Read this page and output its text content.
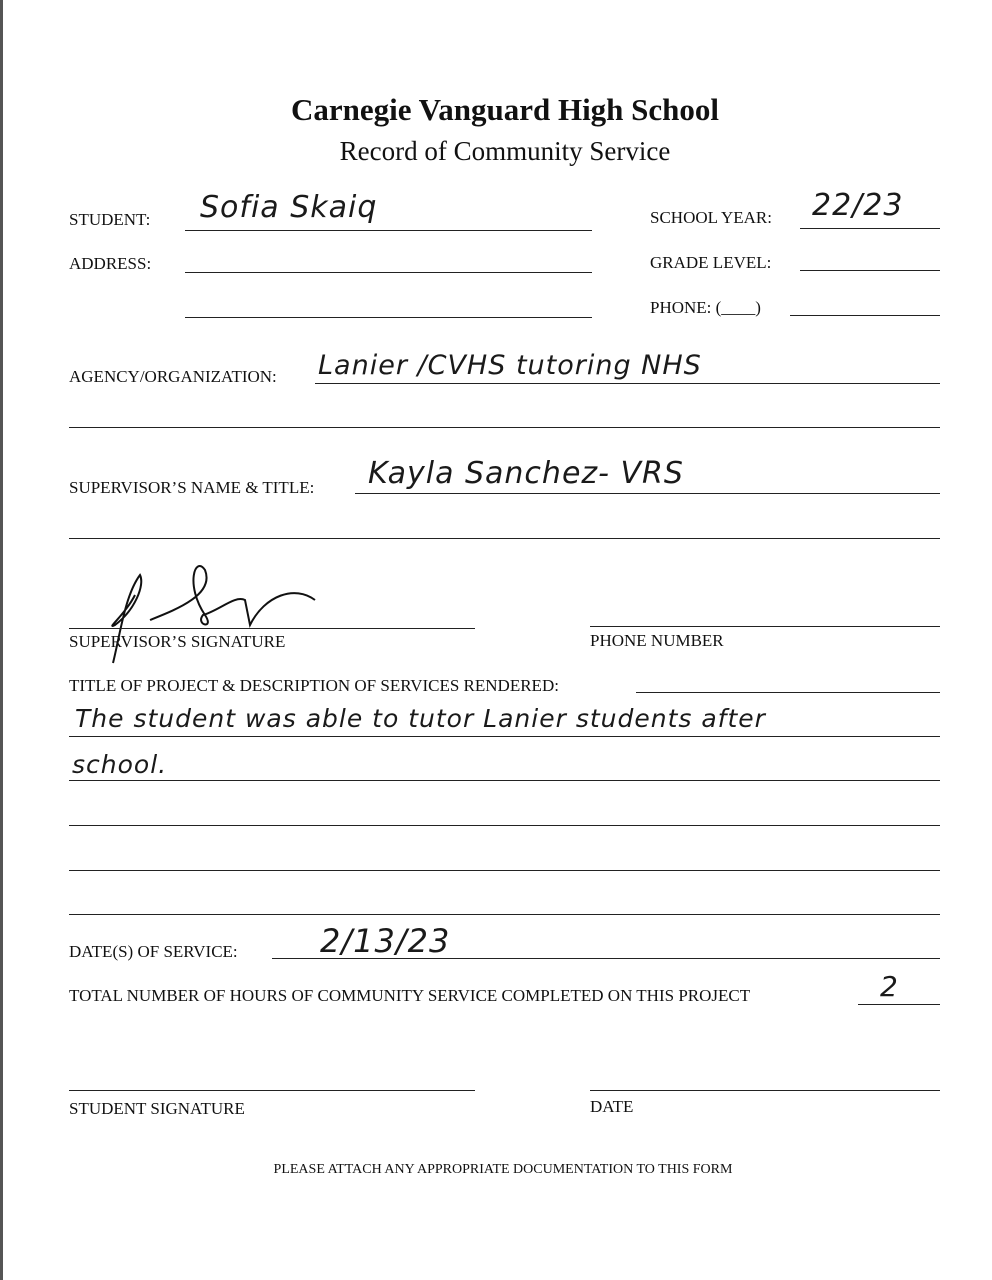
Carnegie Vanguard High School
Record of Community Service
STUDENT: Sofia Skaiq	SCHOOL YEAR: 22/23
ADDRESS:	GRADE LEVEL:
PHONE: (____)
AGENCY/ORGANIZATION: Lanier /CVHS tutoring NHS
SUPERVISOR’S NAME & TITLE: Kayla Sanchez- VRS
SUPERVISOR’S SIGNATURE	PHONE NUMBER
TITLE OF PROJECT & DESCRIPTION OF SERVICES RENDERED:
The student was able to tutor Lanier students after
school.
DATE(S) OF SERVICE:	2/13/23
TOTAL NUMBER OF HOURS OF COMMUNITY SERVICE COMPLETED ON THIS PROJECT	2
STUDENT SIGNATURE	DATE
PLEASE ATTACH ANY APPROPRIATE DOCUMENTATION TO THIS FORM
